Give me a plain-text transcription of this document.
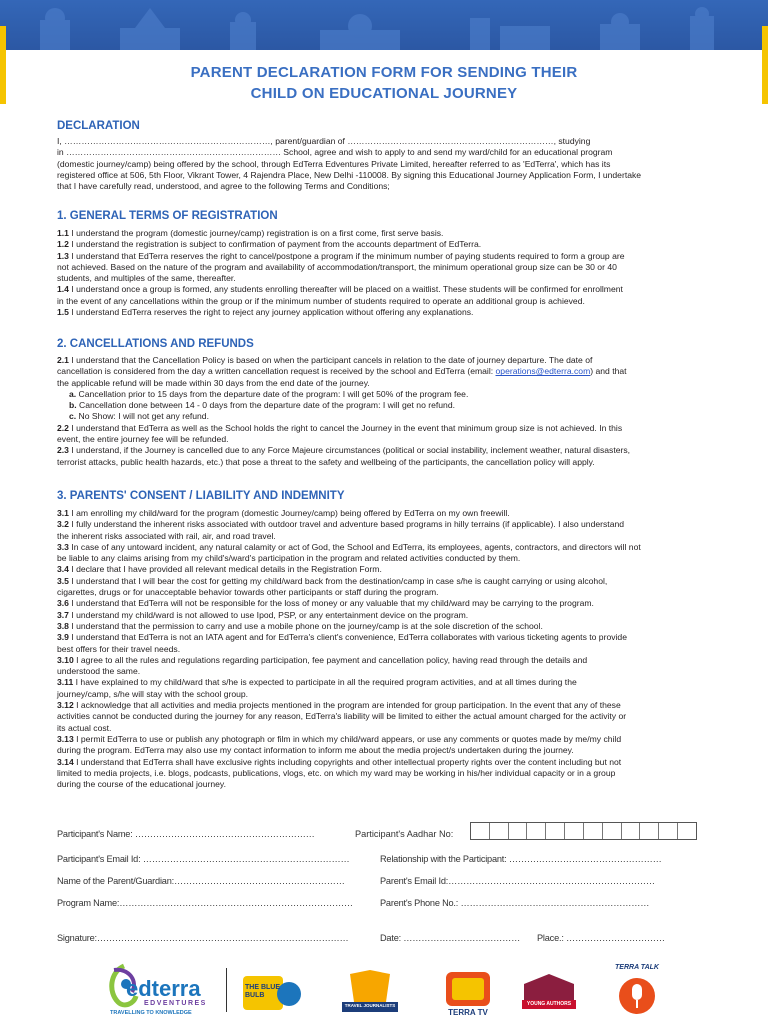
PARENT DECLARATION FORM FOR SENDING THEIR
CHILD ON EDUCATIONAL JOURNEY
DECLARATION
I, ………………………………………………………………, parent/guardian of ………………………………………………………………, studying
in ………………………………………………………………… School, agree and wish to apply to and send my ward/child for an educational program
(domestic journey/camp) being offered by the school, through EdTerra Edventures Private Limited, hereafter referred to as 'EdTerra', which has its
registered office at 506, 5th Floor, Vikrant Tower, 4 Rajendra Place, New Delhi -110008. By signing this Educational Journey Application Form, I undertake
that I have carefully read, understood, and agree to the following Terms and Conditions;
1. GENERAL TERMS OF REGISTRATION
1.1 I understand the program (domestic journey/camp) registration is on a first come, first serve basis.
1.2 I understand the registration is subject to confirmation of payment from the accounts department of EdTerra.
1.3 I understand that EdTerra reserves the right to cancel/postpone a program if the minimum number of paying students required to form a group are
not achieved. Based on the nature of the program and availability of accommodation/transport, the minimum operational group size can be 30 or 40
students, and multiples of the same, thereafter.
1.4 I understand once a group is formed, any students enrolling thereafter will be placed on a waitlist. These students will be confirmed for enrollment
in the event of any cancellations within the group or if the minimum number of students required to operate an additional group is achieved.
1.5 I understand EdTerra reserves the right to reject any journey application without offering any explanations.
2. CANCELLATIONS AND REFUNDS
2.1 I understand that the Cancellation Policy is based on when the participant cancels in relation to the date of journey departure. The date of
cancellation is considered from the day a written cancellation request is received by the school and EdTerra (email: operations@edterra.com) and that
the applicable refund will be made within 30 days from the end date of the journey.
a. Cancellation prior to 15 days from the departure date of the program: I will get 50% of the program fee.
b. Cancellation done between 14 - 0 days from the departure date of the program: I will get no refund.
c. No Show: I will not get any refund.
2.2 I understand that EdTerra as well as the School holds the right to cancel the Journey in the event that minimum group size is not achieved. In this
event, the entire journey fee will be refunded.
2.3 I understand, if the Journey is cancelled due to any Force Majeure circumstances (political or social instability, inclement weather, natural disasters,
terrorist attacks, public health hazards, etc.) that pose a threat to the safety and wellbeing of the participants, the cancellation policy will apply.
3. PARENTS' CONSENT / LIABILITY AND INDEMNITY
3.1 I am enrolling my child/ward for the program (domestic Journey/camp) being offered by EdTerra on my own freewill.
3.2 I fully understand the inherent risks associated with outdoor travel and adventure based programs in hilly terrains (if applicable). I also understand
the inherent risks associated with rail, air, and road travel.
3.3 In case of any untoward incident, any natural calamity or act of God, the School and EdTerra, its employees, agents, contractors, and directors will not
be liable to any claims arising from my child's/ward's participation in the program and related activities conducted by them.
3.4 I declare that I have provided all relevant medical details in the Registration Form.
3.5 I understand that I will bear the cost for getting my child/ward back from the destination/camp in case s/he is caught carrying or using alcohol,
cigarettes, drugs or for unacceptable behavior towards other participants or staff during the program.
3.6 I understand that EdTerra will not be responsible for the loss of money or any valuable that my child/ward may be carrying to the program.
3.7 I understand my child/ward is not allowed to use Ipod, PSP, or any entertainment device on the program.
3.8 I understand that the permission to carry and use a mobile phone on the journey/camp is at the sole discretion of the school.
3.9 I understand that EdTerra is not an IATA agent and for EdTerra's client's convenience, EdTerra collaborates with various ticketing agents to provide
best offers for their travel needs.
3.10 I agree to all the rules and regulations regarding participation, fee payment and cancellation policy, having read through the details and
understood the same.
3.11 I have explained to my child/ward that s/he is expected to participate in all the required program activities, and at all times during the
journey/camp, s/he will stay with the school group.
3.12 I acknowledge that all activities and media projects mentioned in the program are intended for group participation. In the event that any of these
activities cannot be conducted during the journey for any reason, EdTerra's liability will be limited to either the actual amount charged for the activity or
its actual cost.
3.13 I permit EdTerra to use or publish any photograph or film in which my child/ward appears, or use any comments or quotes made by me/my child
during the program. EdTerra may also use my contact information to inform me about the media project/s undertaken during the journey.
3.14 I understand that EdTerra shall have exclusive rights including copyrights and other intellectual property rights over the content including but not
limited to media projects, i.e. blogs, podcasts, publications, vlogs, etc. on which my ward may be working in his/her individual capacity or in a group
during the course of the educational journey.
Participant's Name: ……………………………………………………	Participant's Aadhar No:
Participant's Email Id: ……………………………………………………………	Relationship with the Participant: ……………………………………………
Name of the Parent/Guardian:…………………………………………………	Parent's Email Id:……………………………………………………………
Program Name:……………………………………………………………………	Parent's Phone No.: ………………………………………………………
Signature:…………………………………………………………………………	Date: ………………………………… Place.: ……………………………
edterra
EDVENTURES
TRAVELLING TO KNOWLEDGE
THE BLUE BULB
TRAVEL JOURNALISTS
TERRA TV
YOUNG AUTHORS
TERRA TALK
